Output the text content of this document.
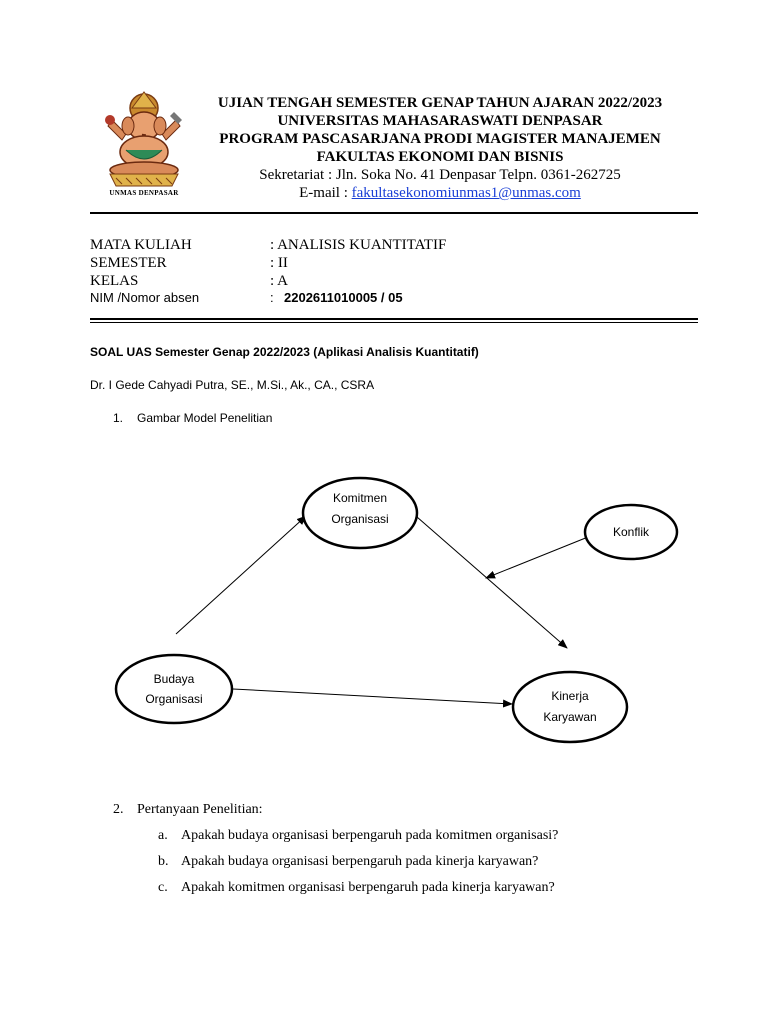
UNMAS DENPASAR
UJIAN TENGAH SEMESTER GENAP TAHUN AJARAN 2022/2023
UNIVERSITAS MAHASARASWATI DENPASAR
PROGRAM PASCASARJANA PRODI MAGISTER MANAJEMEN
FAKULTAS EKONOMI DAN BISNIS
Sekretariat : Jln. Soka No. 41 Denpasar Telpn. 0361-262725
E-mail : fakultasekonomiunmas1@unmas.com
MATA KULIAH	: ANALISIS KUANTITATIF
SEMESTER	: II
KELAS	: A
NIM /Nomor absen	: 2202611010005 / 05
SOAL UAS Semester Genap 2022/2023 (Aplikasi Analisis Kuantitatif)
Dr. I Gede Cahyadi Putra, SE., M.Si., Ak., CA., CSRA
1. Gambar Model Penelitian
Komitmen
Organisasi
Konflik
Budaya
Organisasi	Kinerja
Karyawan
2. Pertanyaan Penelitian:
a. Apakah budaya organisasi berpengaruh pada komitmen organisasi?
b. Apakah budaya organisasi berpengaruh pada kinerja karyawan?
c. Apakah komitmen organisasi berpengaruh pada kinerja karyawan?
